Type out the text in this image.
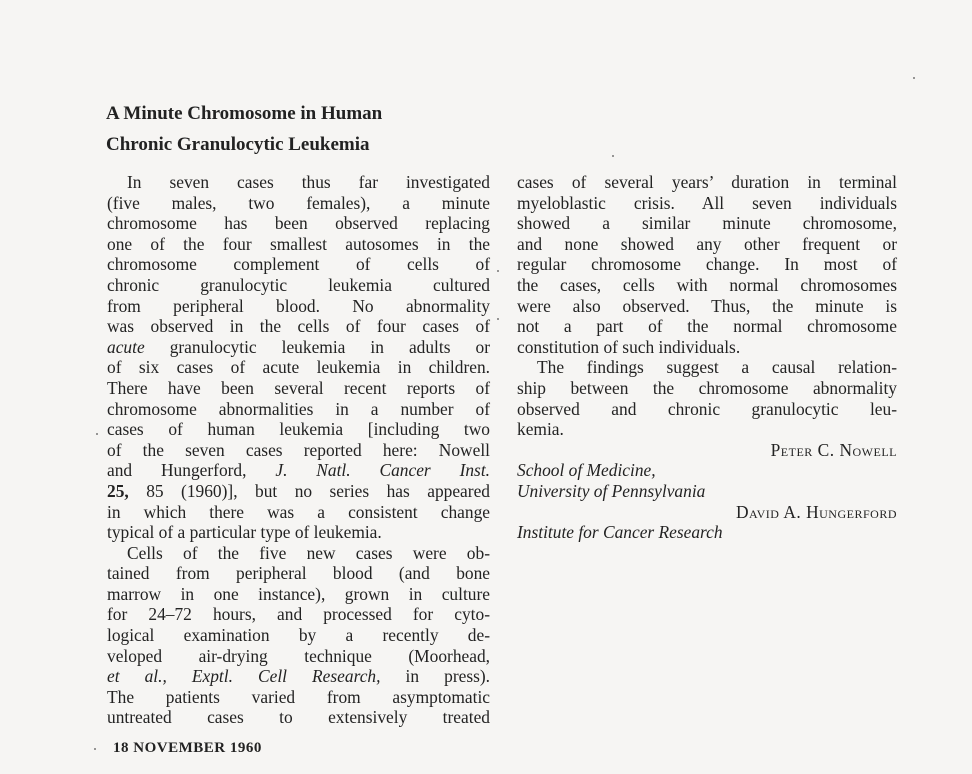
A Minute Chromosome in Human
Chronic Granulocytic Leukemia
In seven cases thus far investigated
(five males, two females), a minute
chromosome has been observed replacing
one of the four smallest autosomes in the
chromosome complement of cells of
chronic granulocytic leukemia cultured
from peripheral blood. No abnormality
was observed in the cells of four cases of
acute granulocytic leukemia in adults or
of six cases of acute leukemia in children.
There have been several recent reports of
chromosome abnormalities in a number of
cases of human leukemia [including two
of the seven cases reported here: Nowell
and Hungerford, J. Natl. Cancer Inst.
25, 85 (1960)], but no series has appeared
in which there was a consistent change
typical of a particular type of leukemia.
Cells of the five new cases were ob-
tained from peripheral blood (and bone
marrow in one instance), grown in culture
for 24–72 hours, and processed for cyto-
logical examination by a recently de-
veloped air-drying technique (Moorhead,
et al., Exptl. Cell Research, in press).
The patients varied from asymptomatic
untreated cases to extensively treated
cases of several years’ duration in terminal
myeloblastic crisis. All seven individuals
showed a similar minute chromosome,
and none showed any other frequent or
regular chromosome change. In most of
the cases, cells with normal chromosomes
were also observed. Thus, the minute is
not a part of the normal chromosome
constitution of such individuals.
The findings suggest a causal relation-
ship between the chromosome abnormality
observed and chronic granulocytic leu-
kemia.
Peter C. Nowell
School of Medicine,
University of Pennsylvania
David A. Hungerford
Institute for Cancer Research
18 NOVEMBER 1960
